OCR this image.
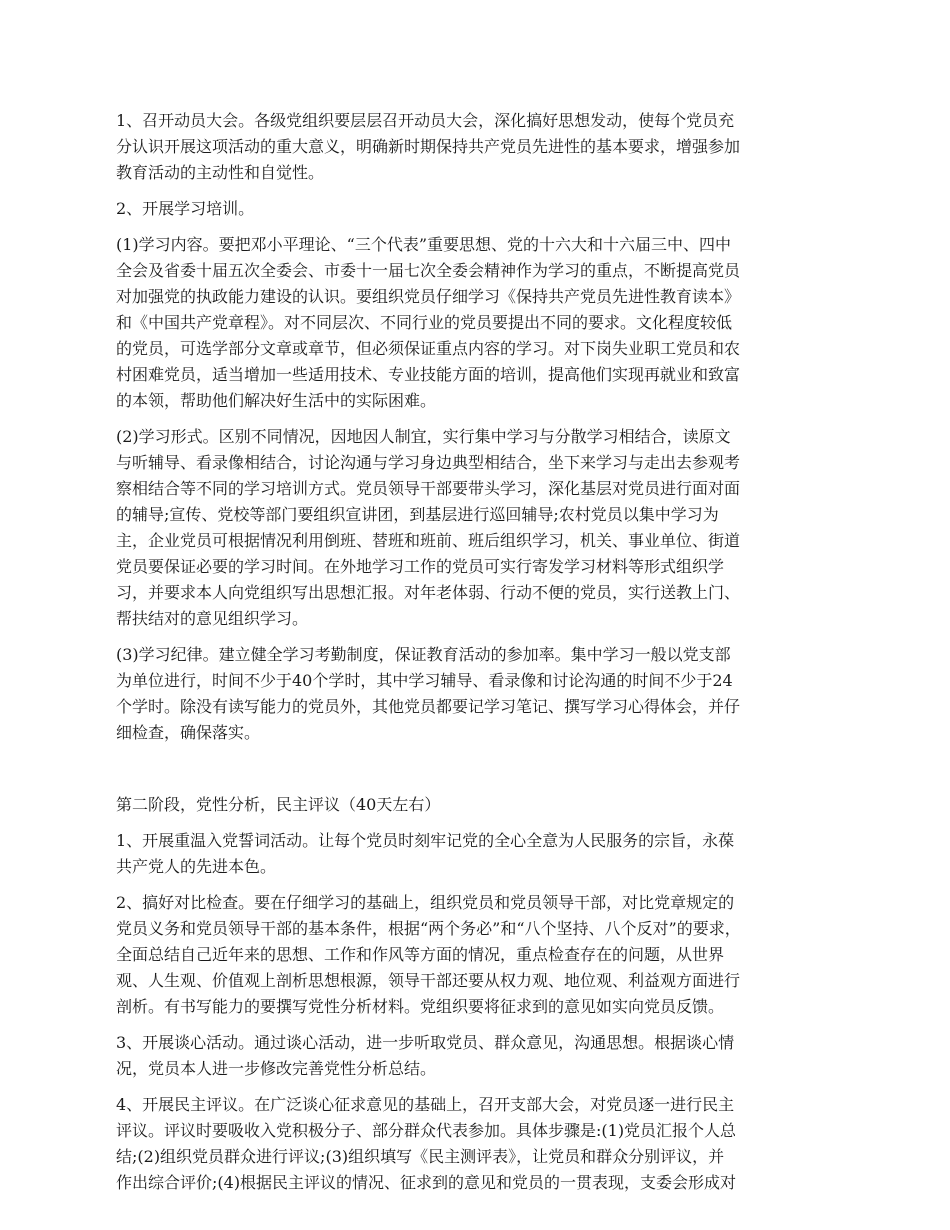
1、召开动员大会。各级党组织要层层召开动员大会，深化搞好思想发动，使每个党员充
分认识开展这项活动的重大意义，明确新时期保持共产党员先进性的基本要求，增强参加
教育活动的主动性和自觉性。
2、开展学习培训。
(1)学习内容。要把邓小平理论、“三个代表”重要思想、党的十六大和十六届三中、四中
全会及省委十届五次全委会、市委十一届七次全委会精神作为学习的重点，不断提高党员
对加强党的执政能力建设的认识。要组织党员仔细学习《保持共产党员先进性教育读本》
和《中国共产党章程》。对不同层次、不同行业的党员要提出不同的要求。文化程度较低
的党员，可选学部分文章或章节，但必须保证重点内容的学习。对下岗失业职工党员和农
村困难党员，适当增加一些适用技术、专业技能方面的培训，提高他们实现再就业和致富
的本领，帮助他们解决好生活中的实际困难。
(2)学习形式。区别不同情况，因地因人制宜，实行集中学习与分散学习相结合，读原文
与听辅导、看录像相结合，讨论沟通与学习身边典型相结合，坐下来学习与走出去参观考
察相结合等不同的学习培训方式。党员领导干部要带头学习，深化基层对党员进行面对面
的辅导;宣传、党校等部门要组织宣讲团，到基层进行巡回辅导;农村党员以集中学习为
主，企业党员可根据情况利用倒班、替班和班前、班后组织学习，机关、事业单位、街道
党员要保证必要的学习时间。在外地学习工作的党员可实行寄发学习材料等形式组织学
习，并要求本人向党组织写出思想汇报。对年老体弱、行动不便的党员，实行送教上门、
帮扶结对的意见组织学习。
(3)学习纪律。建立健全学习考勤制度，保证教育活动的参加率。集中学习一般以党支部
为单位进行，时间不少于40个学时，其中学习辅导、看录像和讨论沟通的时间不少于24
个学时。除没有读写能力的党员外，其他党员都要记学习笔记、撰写学习心得体会，并仔
细检查，确保落实。
第二阶段，党性分析，民主评议（40天左右）
1、开展重温入党誓词活动。让每个党员时刻牢记党的全心全意为人民服务的宗旨，永葆
共产党人的先进本色。
2、搞好对比检查。要在仔细学习的基础上，组织党员和党员领导干部，对比党章规定的
党员义务和党员领导干部的基本条件，根据“两个务必”和“八个坚持、八个反对”的要求，
全面总结自己近年来的思想、工作和作风等方面的情况，重点检查存在的问题，从世界
观、人生观、价值观上剖析思想根源，领导干部还要从权力观、地位观、利益观方面进行
剖析。有书写能力的要撰写党性分析材料。党组织要将征求到的意见如实向党员反馈。
3、开展谈心活动。通过谈心活动，进一步听取党员、群众意见，沟通思想。根据谈心情
况，党员本人进一步修改完善党性分析总结。
4、开展民主评议。在广泛谈心征求意见的基础上，召开支部大会，对党员逐一进行民主
评议。评议时要吸收入党积极分子、部分群众代表参加。具体步骤是:(1)党员汇报个人总
结;(2)组织党员群众进行评议;(3)组织填写《民主测评表》，让党员和群众分别评议，并
作出综合评价;(4)根据民主评议的情况、征求到的意见和党员的一贯表现，支委会形成对
